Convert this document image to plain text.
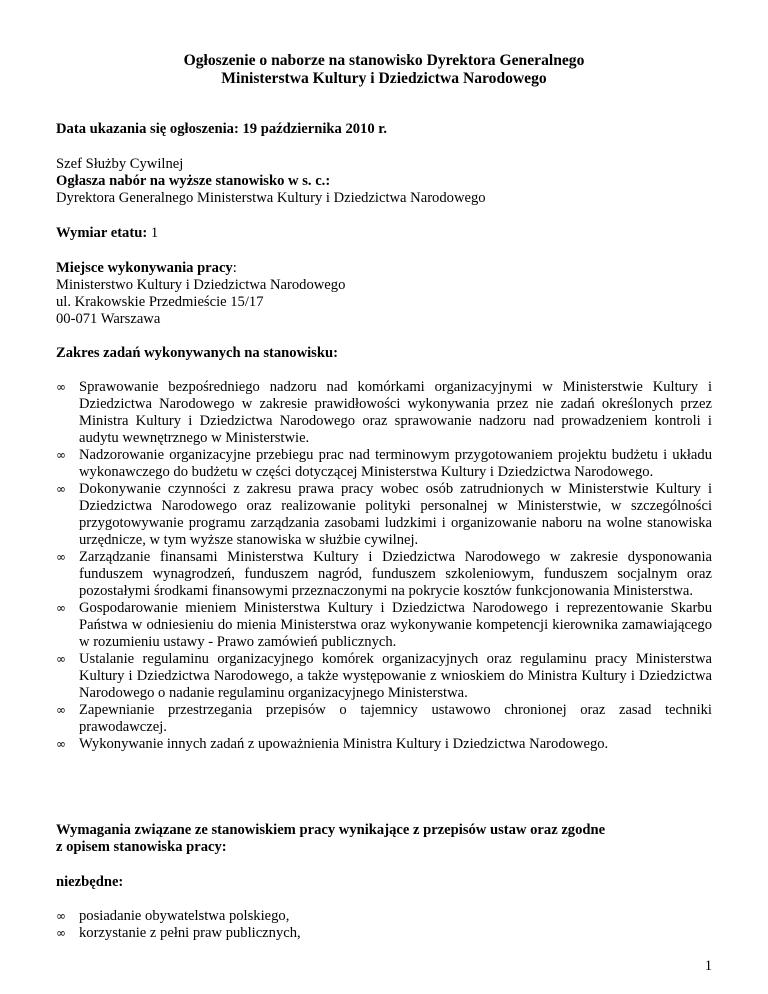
Ogłoszenie o naborze na stanowisko Dyrektora Generalnego
Ministerstwa Kultury i Dziedzictwa Narodowego
Data ukazania się ogłoszenia: 19 października 2010 r.
Szef Służby Cywilnej
Ogłasza nabór na wyższe stanowisko w s. c.:
Dyrektora Generalnego Ministerstwa Kultury i Dziedzictwa Narodowego
Wymiar etatu: 1
Miejsce wykonywania pracy:
Ministerstwo Kultury i Dziedzictwa Narodowego
ul. Krakowskie Przedmieście 15/17
00-071 Warszawa
Zakres zadań wykonywanych na stanowisku:
∞ Sprawowanie bezpośredniego nadzoru nad komórkami organizacyjnymi w Ministerstwie Kultury i Dziedzictwa Narodowego w zakresie prawidłowości wykonywania przez nie zadań określonych przez Ministra Kultury i Dziedzictwa Narodowego oraz sprawowanie nadzoru nad prowadzeniem kontroli i audytu wewnętrznego w Ministerstwie.
∞ Nadzorowanie organizacyjne przebiegu prac nad terminowym przygotowaniem projektu budżetu i układu wykonawczego do budżetu w części dotyczącej Ministerstwa Kultury i Dziedzictwa Narodowego.
∞ Dokonywanie czynności z zakresu prawa pracy wobec osób zatrudnionych w Ministerstwie Kultury i Dziedzictwa Narodowego oraz realizowanie polityki personalnej w Ministerstwie, w szczególności przygotowywanie programu zarządzania zasobami ludzkimi i organizowanie naboru na wolne stanowiska urzędnicze, w tym wyższe stanowiska w służbie cywilnej.
∞ Zarządzanie finansami Ministerstwa Kultury i Dziedzictwa Narodowego w zakresie dysponowania funduszem wynagrodzeń, funduszem nagród, funduszem szkoleniowym, funduszem socjalnym oraz pozostałymi środkami finansowymi przeznaczonymi na pokrycie kosztów funkcjonowania Ministerstwa.
∞ Gospodarowanie mieniem Ministerstwa Kultury i Dziedzictwa Narodowego i reprezentowanie Skarbu Państwa w odniesieniu do mienia Ministerstwa oraz wykonywanie kompetencji kierownika zamawiającego w rozumieniu ustawy - Prawo zamówień publicznych.
∞ Ustalanie regulaminu organizacyjnego komórek organizacyjnych oraz regulaminu pracy Ministerstwa Kultury i Dziedzictwa Narodowego, a także występowanie z wnioskiem do Ministra Kultury i Dziedzictwa Narodowego o nadanie regulaminu organizacyjnego Ministerstwa.
∞ Zapewnianie przestrzegania przepisów o tajemnicy ustawowo chronionej oraz zasad techniki prawodawczej.
∞ Wykonywanie innych zadań z upoważnienia Ministra Kultury i Dziedzictwa Narodowego.
Wymagania związane ze stanowiskiem pracy wynikające z przepisów ustaw oraz zgodne
z opisem stanowiska pracy:
niezbędne:
∞ posiadanie obywatelstwa polskiego,
∞ korzystanie z pełni praw publicznych,
1
